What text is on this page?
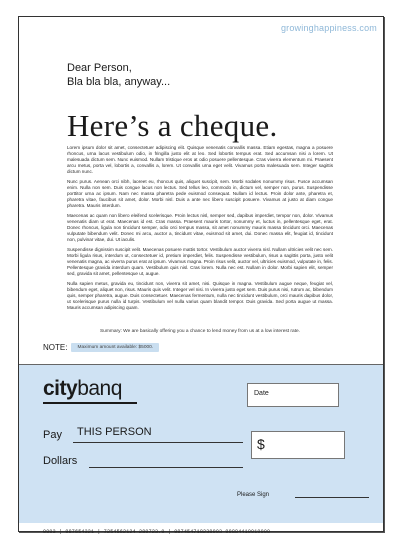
growinghappiness.com
Dear Person,
Bla bla bla, anyway...
Here’s a cheque.

Lorem ipsum dolor sit amet, consectetuer adipiscing elit. Quisque venenatis convallis massa. Etiam egestas, magna a posuere rhoncus, urna lacus vestibulum odio, in fringilla justo elit at leo. Sed lobortis tempus erat. Sed accumsan nisi a lorem. Ut malesuada dictum sem. Nunc euismod. Nullam tristique eros at odio posuere pellentesque. Cras viverra elementum mi. Praesent arcu metus, porta vel, lobortis a, convallis a, lorem. Ut convallis urna eget velit. Vivamus porta malesuada sem. Integer sagittis dictum nunc.

Nunc purus. Aenean orci nibh, laoreet eu, rhoncus quis, aliquet suscipit, sem. Morbi sodales nonummy risus. Fusce accumsan enim. Nulla non sem. Duis congue lacus non lectus. Sed tellus leo, commodo in, dictum vel, semper non, purus. Suspendisse porttitor urna ac ipsum. Nam nec massa pharetra pede euismod consequat. Nullam id lectus. Proin dolor ante, pharetra et, pharetra vitae, faucibus sit amet, dolor. Morbi nisl. Duis a ante nec libero suscipit posuere. Vivamus at justo at diam congue pharetra. Mauris interdum.

Maecenas ac quam non libero eleifend scelerisque. Proin lectus nisl, semper sed, dapibus imperdiet, tempor non, dolor. Vivamus venenatis diam ut erat. Maecenas id est. Cras massa. Praesent mauris tortor, nonummy et, luctus in, pellentesque eget, erat. Donec rhoncus, ligula non tincidunt semper, odio orci tempus massa, sit amet nonummy mauris massa tincidunt orci. Maecenas vulputate bibendum velit. Donec mi arcu, auctor a, tincidunt vitae, euismod sit amet, dui. Donec massa elit, feugiat id, tincidunt non, pulvinar vitae, dui. Ut iaculis.

Suspendisse dignissim suscipit velit. Maecenas posuere mattis tortor. Vestibulum auctor viverra nisl. Nullam ultricies velit nec sem. Morbi ligula risus, interdum ut, consectetuer id, pretium imperdiet, felis. Suspendisse vestibulum, risus a sagittis porta, justo velit venenatis magna, ac viverra purus erat at ipsum. Vivamus magna. Proin risus velit, auctor vel, ultricies euismod, vulputate in, felis. Pellentesque gravida interdum quam. Vestibulum quis nisl. Cras lorem. Nulla nec est. Nullam in dolor. Morbi sapien elit, semper sed, gravida sit amet, pellentesque ut, augue.

Nulla sapien metus, gravida eu, tincidunt non, viverra sit amet, nisi. Quisque in magna. Vestibulum augue neque, feugiat vel, bibendum eget, aliquet non, risus. Mauris quis velit. Integer vel nisi. In viverra justo eget sem. Duis purus nisi, rutrum ac, bibendum quis, semper pharetra, augue. Duis consectetuer. Maecenas fermentum, nulla nec tincidunt vestibulum, orci mauris dapibus dolor, ut scelerisque purus nulla id turpis. Vestibulum vel nulla varius quam blandit tempor. Duis gravida. Sed porta augue ut massa. Mauris accumsan adipiscing quam.

Summary: We are basically offering you a chance to lend money from us at a low interest rate.
NOTE:	Maximum amount available: $5000.
citybanq	Date
Pay THIS PERSON
$
Dollars
Please Sign
0003 | 987654321 | 7254562124 280723.0 | 987454718238003 99884410010000
